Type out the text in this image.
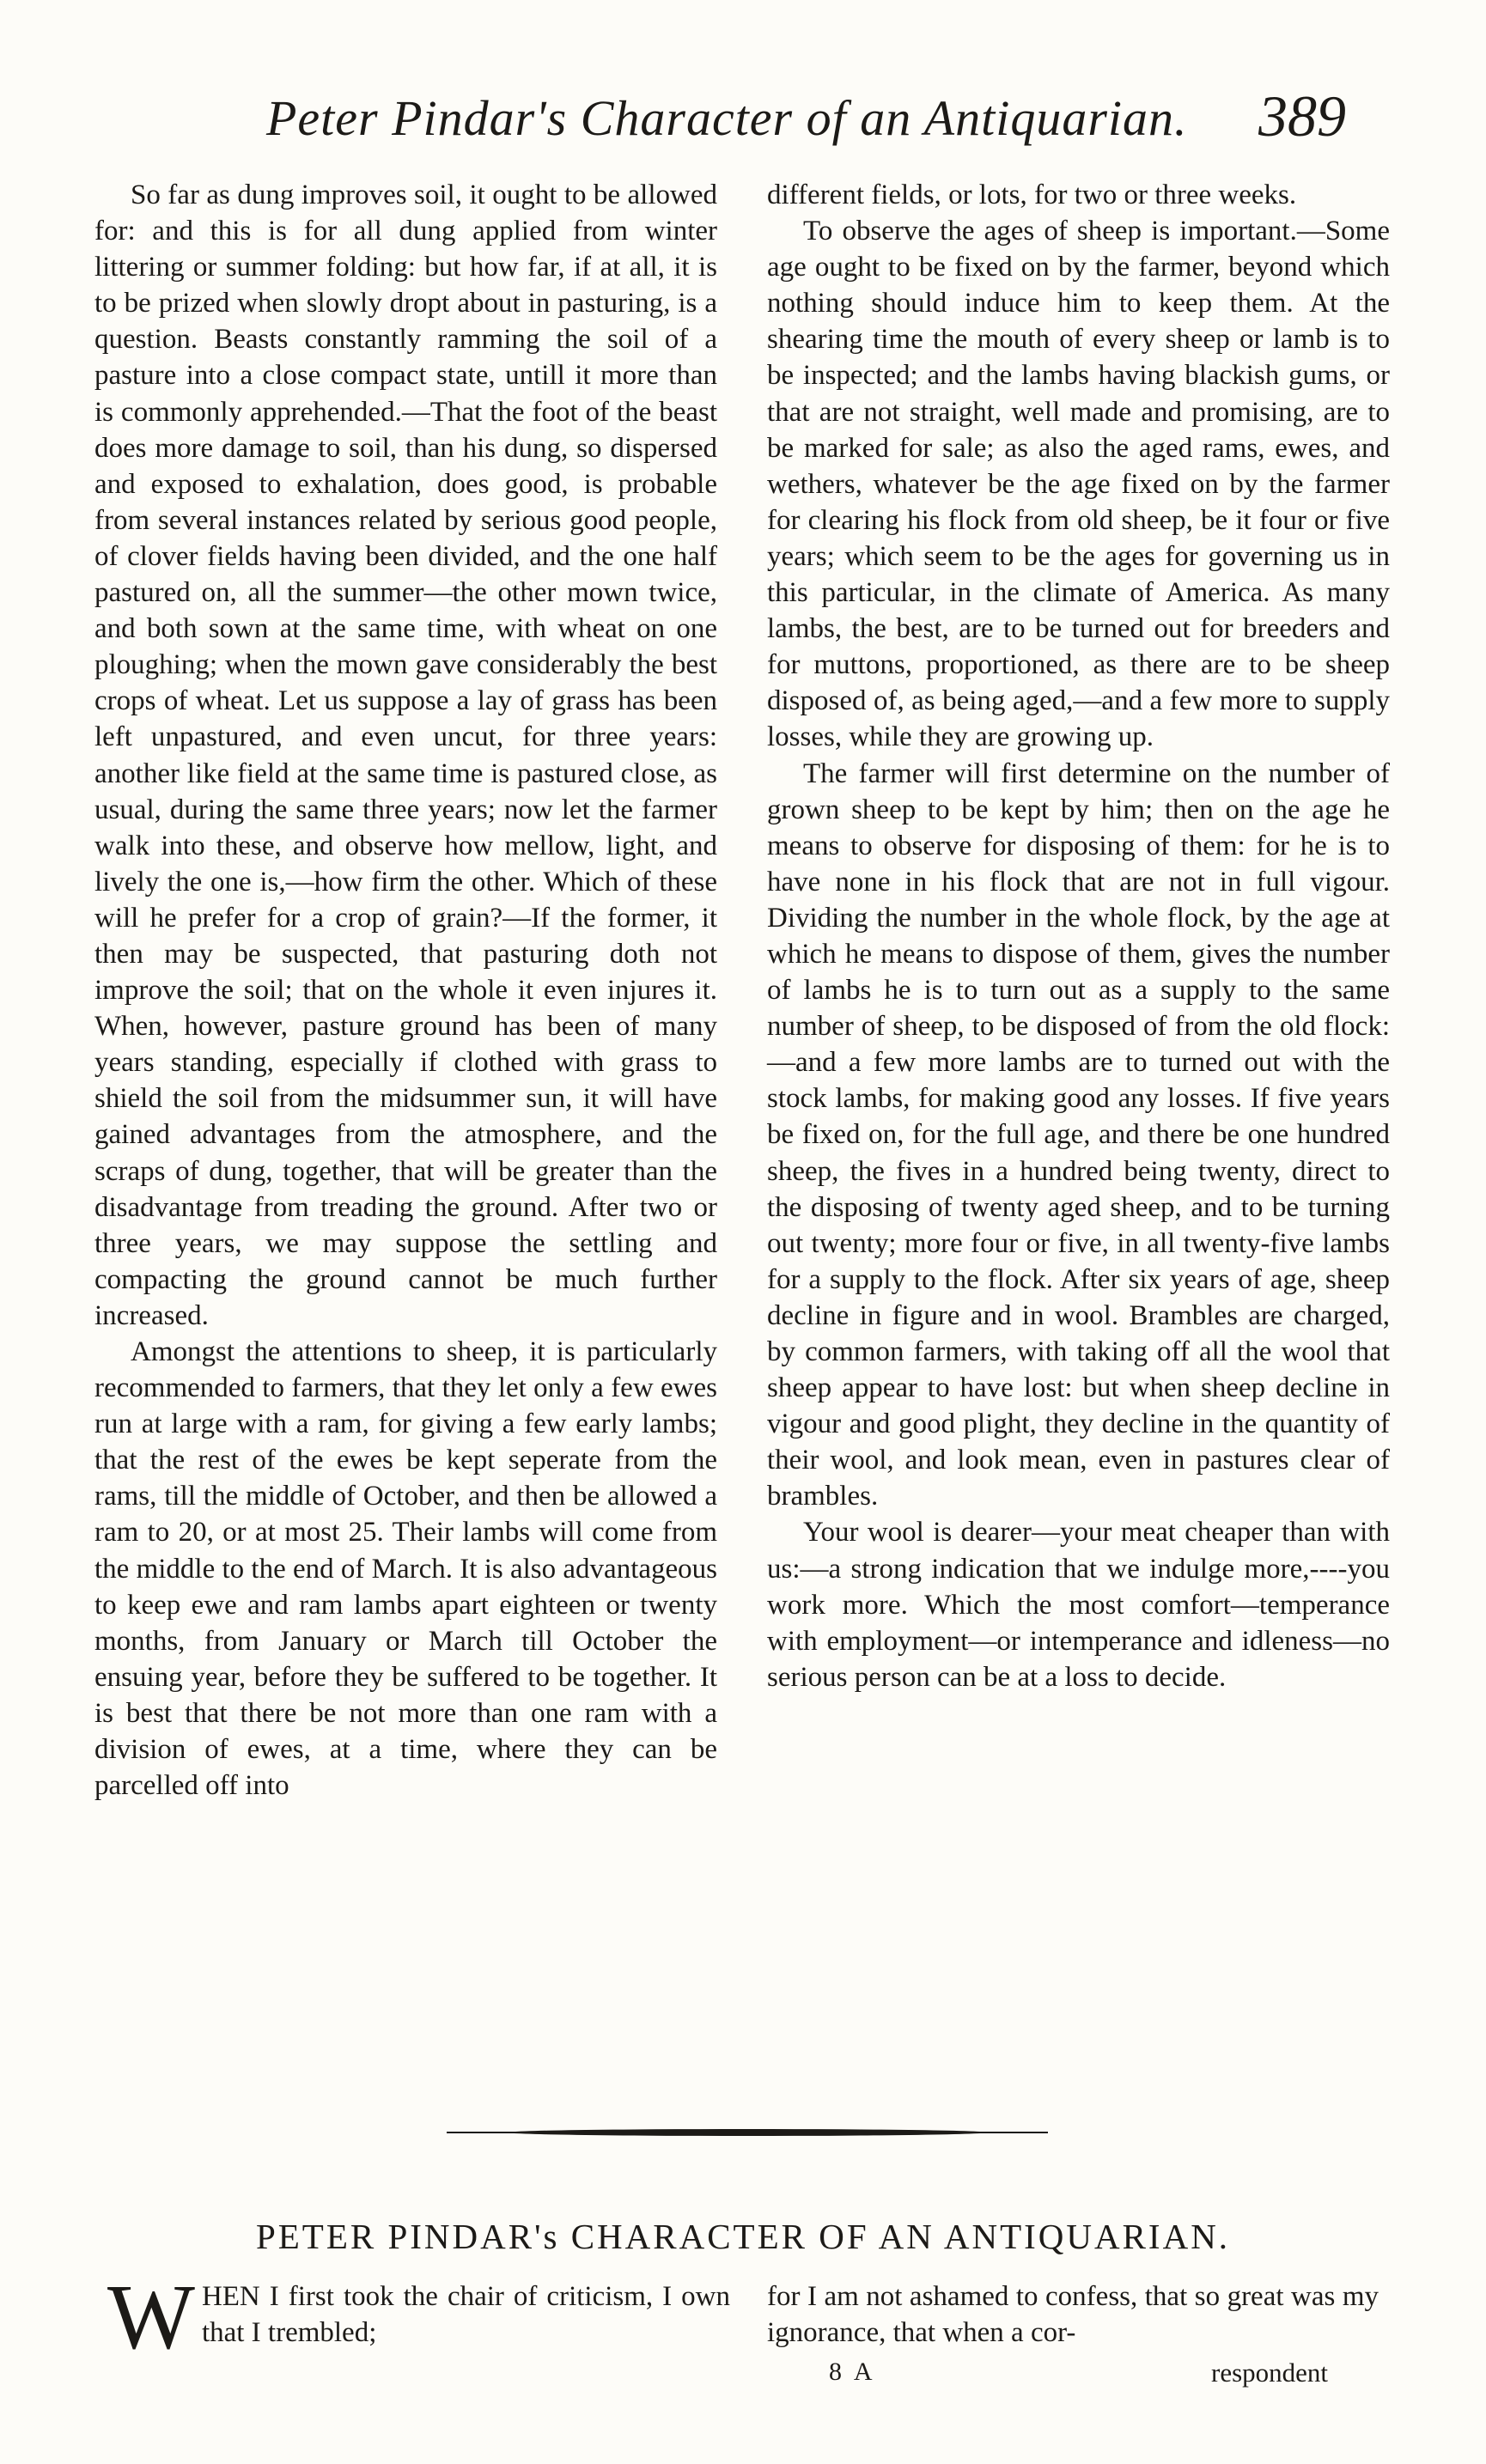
Peter Pindar's Character of an Antiquarian. 389

So far as dung improves soil, it ought to be allowed for: and this is for all dung applied from winter littering or summer folding: but how far, if at all, it is to be prized when slowly dropt about in pasturing, is a question. Beasts constantly ramming the soil of a pasture into a close compact state, untill it more than is commonly apprehended.—That the foot of the beast does more damage to soil, than his dung, so dispersed and exposed to exhalation, does good, is probable from several instances related by serious good people, of clover fields having been divided, and the one half pastured on, all the summer—the other mown twice, and both sown at the same time, with wheat on one ploughing; when the mown gave considerably the best crops of wheat. Let us suppose a lay of grass has been left unpastured, and even uncut, for three years: another like field at the same time is pastured close, as usual, during the same three years; now let the farmer walk into these, and observe how mellow, light, and lively the one is,—how firm the other. Which of these will he prefer for a crop of grain?—If the former, it then may be suspected, that pasturing doth not improve the soil; that on the whole it even injures it. When, however, pasture ground has been of many years standing, especially if clothed with grass to shield the soil from the midsummer sun, it will have gained advantages from the atmosphere, and the scraps of dung, together, that will be greater than the disadvantage from treading the ground. After two or three years, we may suppose the settling and compacting the ground cannot be much further increased.

Amongst the attentions to sheep, it is particularly recommended to farmers, that they let only a few ewes run at large with a ram, for giving a few early lambs; that the rest of the ewes be kept seperate from the rams, till the middle of October, and then be allowed a ram to 20, or at most 25. Their lambs will come from the middle to the end of March. It is also advantageous to keep ewe and ram lambs apart eighteen or twenty months, from January or March till October the ensuing year, before they be suffered to be together. It is best that there be not more than one ram with a division of ewes, at a time, where they can be parcelled off into

different fields, or lots, for two or three weeks.

To observe the ages of sheep is important.—Some age ought to be fixed on by the farmer, beyond which nothing should induce him to keep them. At the shearing time the mouth of every sheep or lamb is to be inspected; and the lambs having blackish gums, or that are not straight, well made and promising, are to be marked for sale; as also the aged rams, ewes, and wethers, whatever be the age fixed on by the farmer for clearing his flock from old sheep, be it four or five years; which seem to be the ages for governing us in this particular, in the climate of America. As many lambs, the best, are to be turned out for breeders and for muttons, proportioned, as there are to be sheep disposed of, as being aged,—and a few more to supply losses, while they are growing up.

The farmer will first determine on the number of grown sheep to be kept by him; then on the age he means to observe for disposing of them: for he is to have none in his flock that are not in full vigour. Dividing the number in the whole flock, by the age at which he means to dispose of them, gives the number of lambs he is to turn out as a supply to the same number of sheep, to be disposed of from the old flock:—and a few more lambs are to turned out with the stock lambs, for making good any losses. If five years be fixed on, for the full age, and there be one hundred sheep, the fives in a hundred being twenty, direct to the disposing of twenty aged sheep, and to be turning out twenty; more four or five, in all twenty-five lambs for a supply to the flock. After six years of age, sheep decline in figure and in wool. Brambles are charged, by common farmers, with taking off all the wool that sheep appear to have lost: but when sheep decline in vigour and good plight, they decline in the quantity of their wool, and look mean, even in pastures clear of brambles.

Your wool is dearer—your meat cheaper than with us:—a strong indication that we indulge more,----you work more. Which the most comfort—temperance with employment—or intemperance and idleness—no serious person can be at a loss to decide.

PETER PINDAR's CHARACTER OF AN ANTIQUARIAN.
W HEN I first took the chair of criticism, I own that I trembled;
for I am not ashamed to confess, that so great was my ignorance, that when a cor-
8 A	respondent
